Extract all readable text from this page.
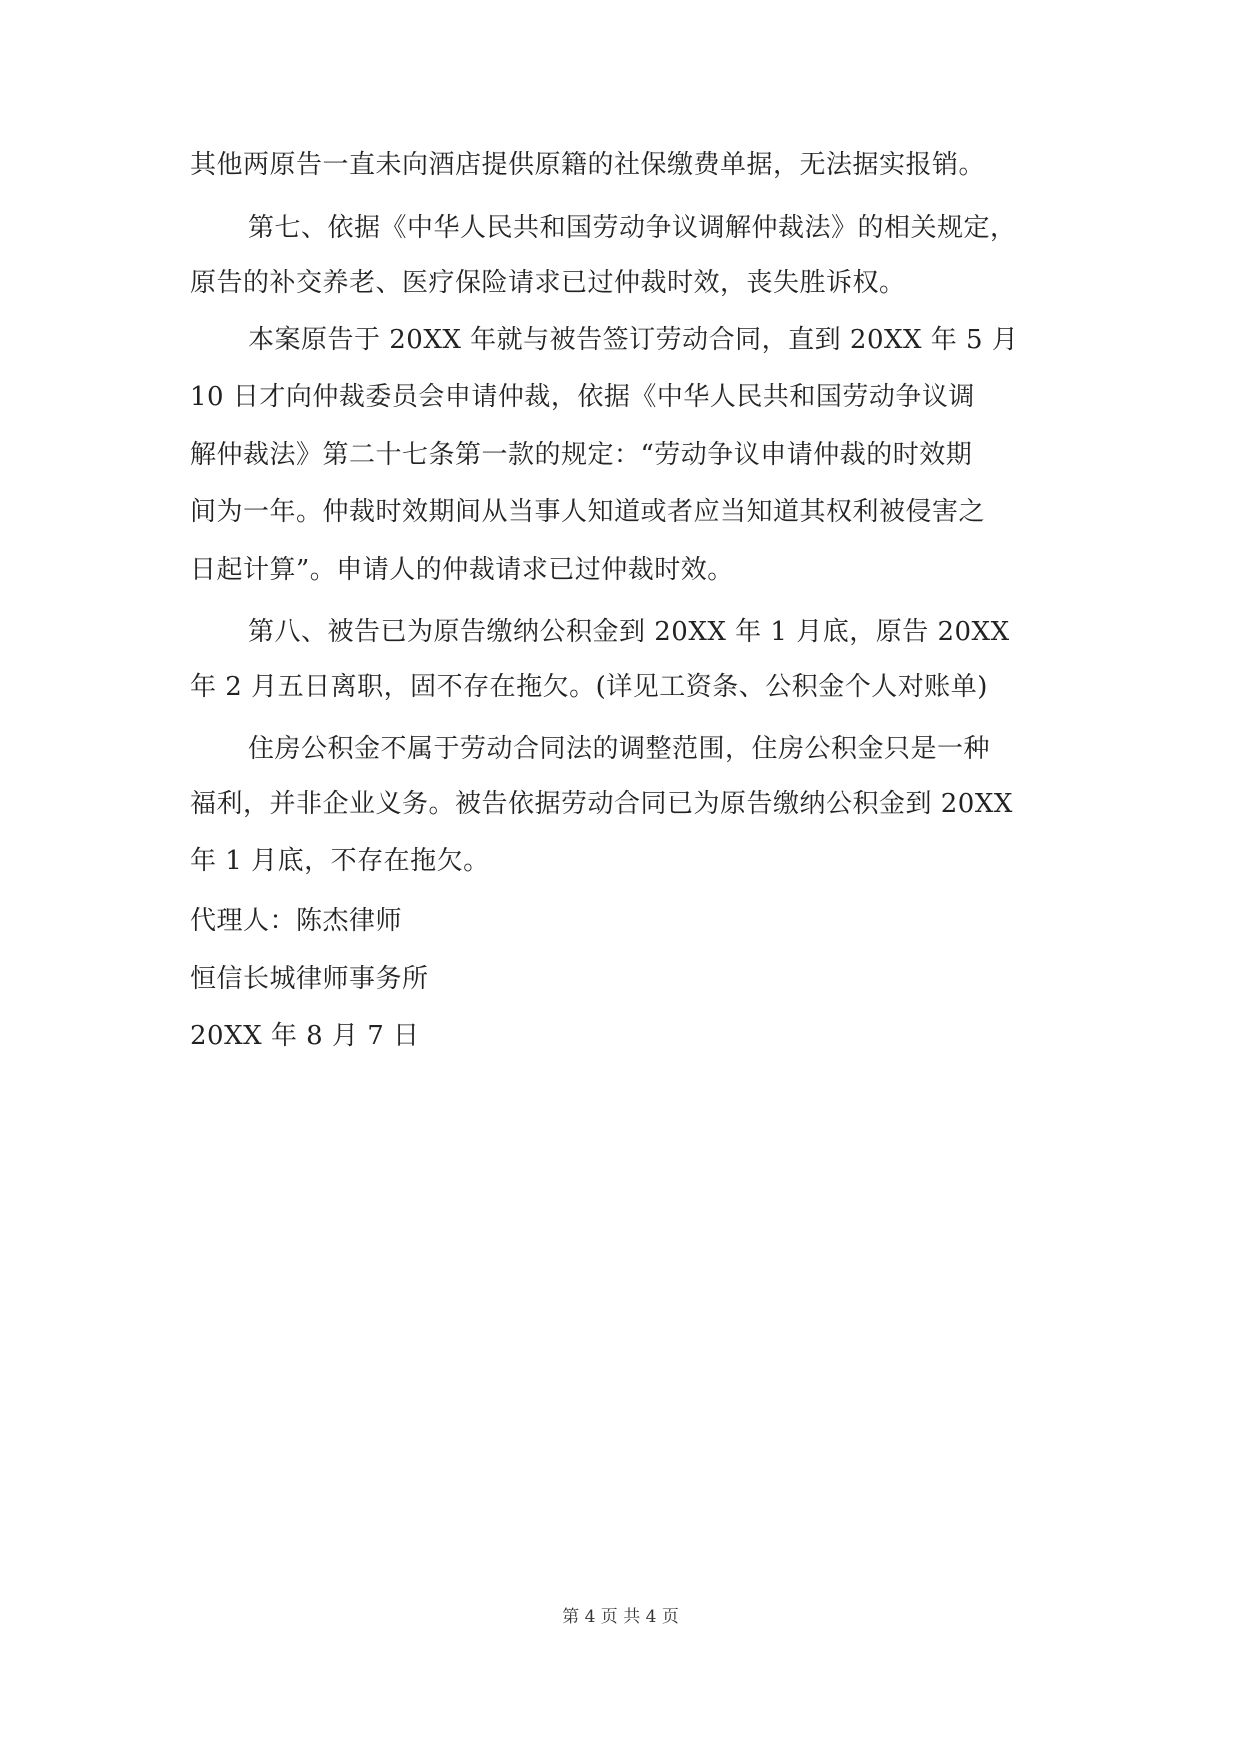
其他两原告一直未向酒店提供原籍的社保缴费单据，无法据实报销。
第七、依据《中华人民共和国劳动争议调解仲裁法》的相关规定，
原告的补交养老、医疗保险请求已过仲裁时效，丧失胜诉权。
本案原告于 20XX 年就与被告签订劳动合同，直到 20XX 年 5 月
10 日才向仲裁委员会申请仲裁，依据《中华人民共和国劳动争议调
解仲裁法》第二十七条第一款的规定：“劳动争议申请仲裁的时效期
间为一年。仲裁时效期间从当事人知道或者应当知道其权利被侵害之
日起计算”。申请人的仲裁请求已过仲裁时效。
第八、被告已为原告缴纳公积金到 20XX 年 1 月底，原告 20XX
年 2 月五日离职，固不存在拖欠。(详见工资条、公积金个人对账单)
住房公积金不属于劳动合同法的调整范围，住房公积金只是一种
福利，并非企业义务。被告依据劳动合同已为原告缴纳公积金到 20XX
年 1 月底，不存在拖欠。
代理人：陈杰律师
恒信长城律师事务所
20XX 年 8 月 7 日
第 4 页 共 4 页
